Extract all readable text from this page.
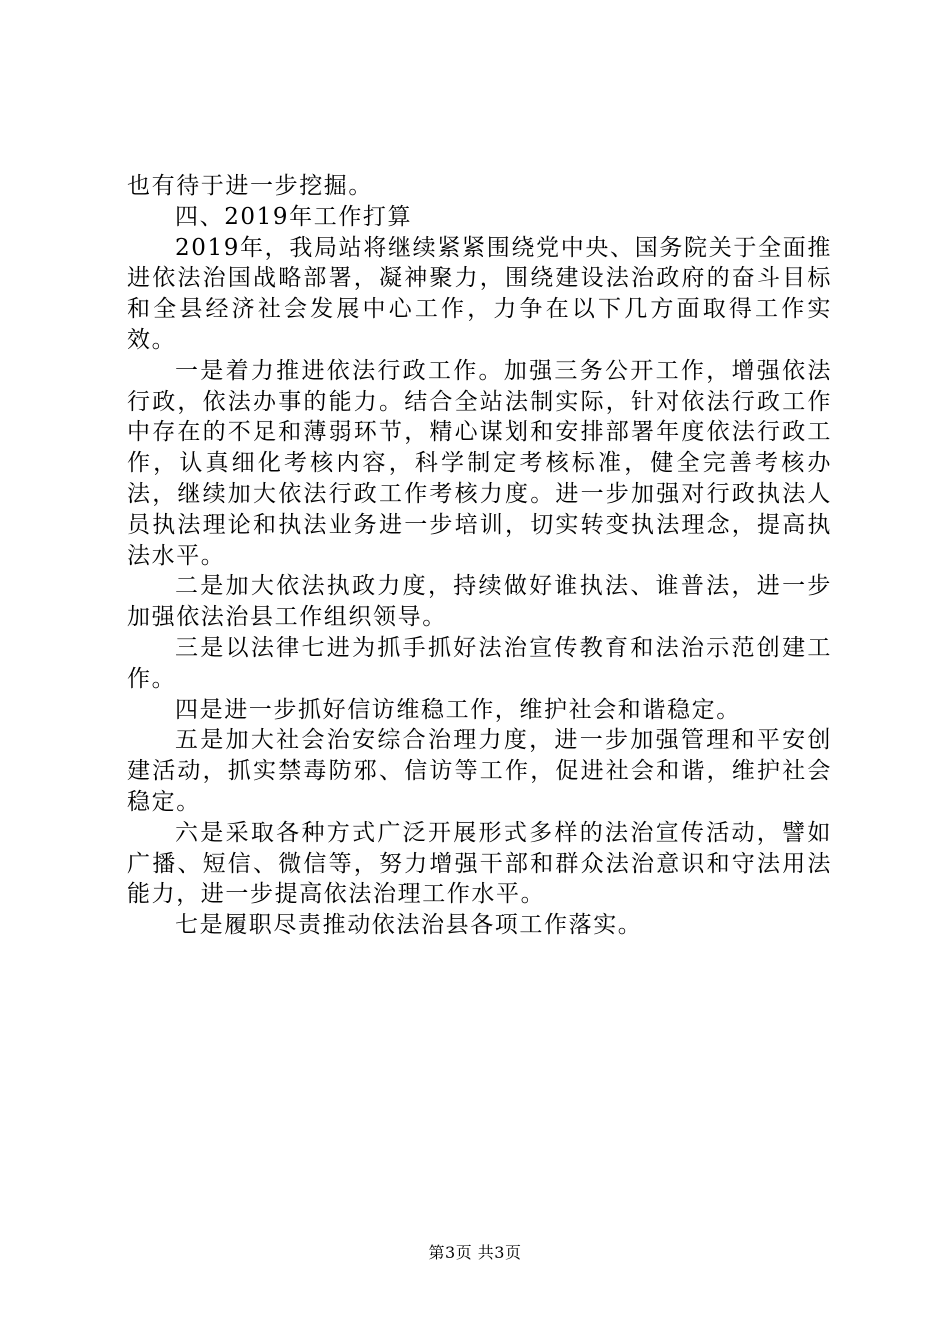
也有待于进一步挖掘。

四、2019年工作打算

2019年，我局站将继续紧紧围绕党中央、国务院关于全面推进依法治国战略部署，凝神聚力，围绕建设法治政府的奋斗目标和全县经济社会发展中心工作，力争在以下几方面取得工作实效。

一是着力推进依法行政工作。加强三务公开工作，增强依法行政，依法办事的能力。结合全站法制实际，针对依法行政工作中存在的不足和薄弱环节，精心谋划和安排部署年度依法行政工作，认真细化考核内容，科学制定考核标准，健全完善考核办法，继续加大依法行政工作考核力度。进一步加强对行政执法人员执法理论和执法业务进一步培训，切实转变执法理念，提高执法水平。

二是加大依法执政力度，持续做好谁执法、谁普法，进一步加强依法治县工作组织领导。

三是以法律七进为抓手抓好法治宣传教育和法治示范创建工作。

四是进一步抓好信访维稳工作，维护社会和谐稳定。

五是加大社会治安综合治理力度，进一步加强管理和平安创建活动，抓实禁毒防邪、信访等工作，促进社会和谐，维护社会稳定。

六是采取各种方式广泛开展形式多样的法治宣传活动，譬如广播、短信、微信等，努力增强干部和群众法治意识和守法用法能力，进一步提高依法治理工作水平。

七是履职尽责推动依法治县各项工作落实。

第3页 共3页
